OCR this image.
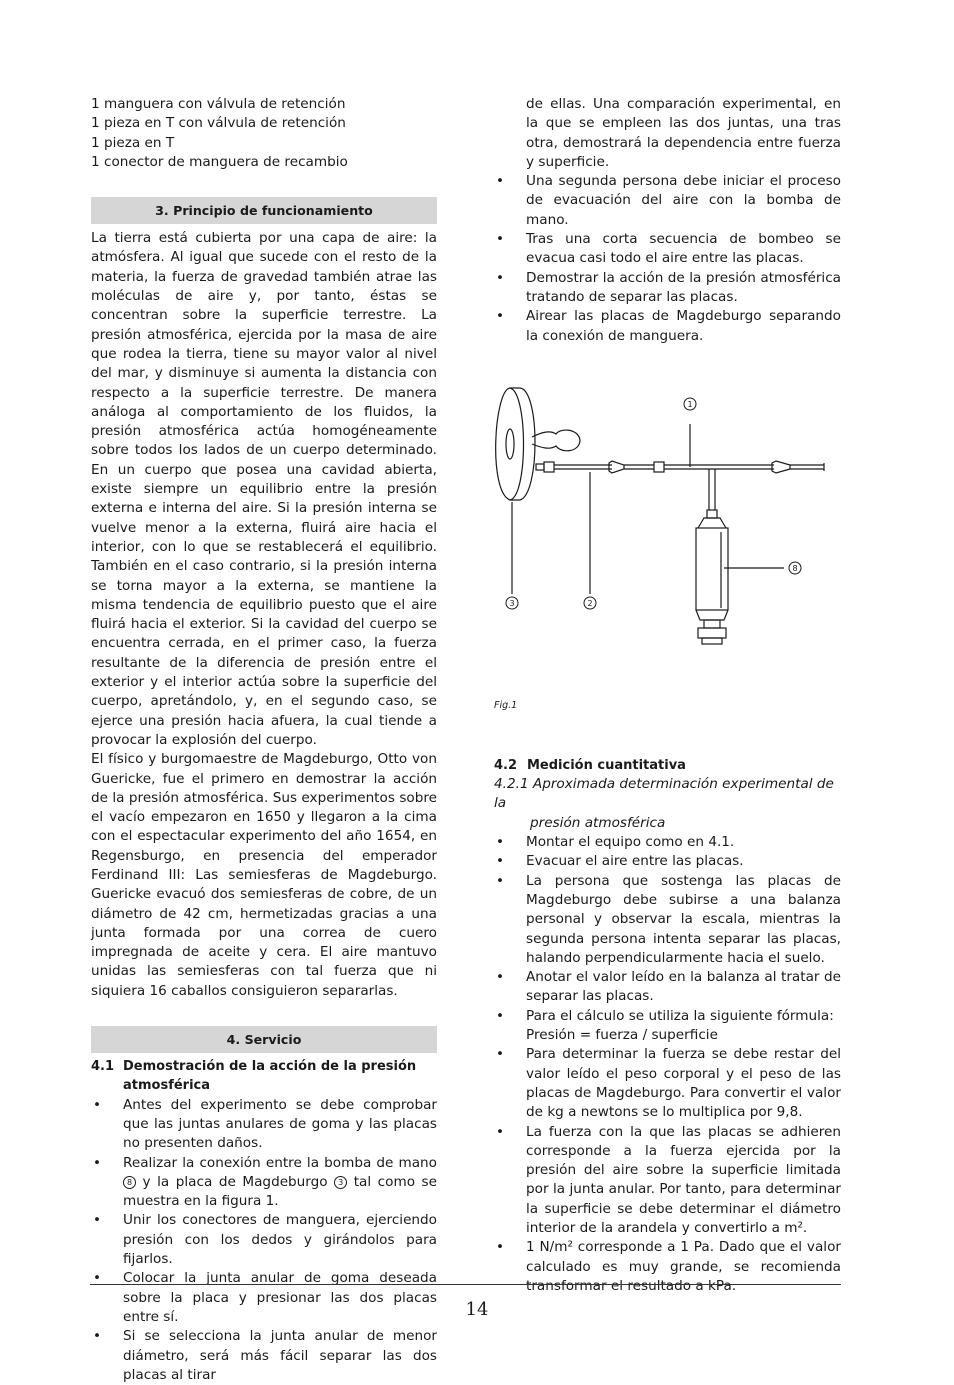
1 manguera con válvula de retención
1 pieza en T con válvula de retención
1 pieza en T
1 conector de manguera de recambio
3. Principio de funcionamiento

La tierra está cubierta por una capa de aire: la atmósfera. Al igual que sucede con el resto de la materia, la fuerza de gravedad también atrae las moléculas de aire y, por tanto, éstas se concentran sobre la superficie terrestre. La presión atmosférica, ejercida por la masa de aire que rodea la tierra, tiene su mayor valor al nivel del mar, y disminuye si aumenta la distancia con respecto a la superficie terrestre. De manera análoga al comportamiento de los fluidos, la presión atmosférica actúa homogéneamente sobre todos los lados de un cuerpo determinado. En un cuerpo que posea una cavidad abierta, existe siempre un equilibrio entre la presión externa e interna del aire. Si la presión interna se vuelve menor a la externa, fluirá aire hacia el interior, con lo que se restablecerá el equilibrio. También en el caso contrario, si la presión interna se torna mayor a la externa, se mantiene la misma tendencia de equilibrio puesto que el aire fluirá hacia el exterior. Si la cavidad del cuerpo se encuentra cerrada, en el primer caso, la fuerza resultante de la diferencia de presión entre el exterior y el interior actúa sobre la superficie del cuerpo, apretándolo, y, en el segundo caso, se ejerce una presión hacia afuera, la cual tiende a provocar la explosión del cuerpo.

El físico y burgomaestre de Magdeburgo, Otto von Guericke, fue el primero en demostrar la acción de la presión atmosférica. Sus experimentos sobre el vacío empezaron en 1650 y llegaron a la cima con el espectacular experimento del año 1654, en Regensburgo, en presencia del emperador Ferdinand III: Las semiesferas de Magdeburgo. Guericke evacuó dos semiesferas de cobre, de un diámetro de 42 cm, hermetizadas gracias a una junta formada por una correa de cuero impregnada de aceite y cera. El aire mantuvo unidas las semiesferas con tal fuerza que ni siquiera 16 caballos consiguieron separarlas.

4. Servicio
4.1 Demostración de la acción de la presión atmosférica
• Antes del experimento se debe comprobar que las juntas anulares de goma y las placas no presenten daños.
• Realizar la conexión entre la bomba de mano 8 y la placa de Magdeburgo 3 tal como se muestra en la figura 1.
• Unir los conectores de manguera, ejerciendo presión con los dedos y girándolos para fijarlos.
• Colocar la junta anular de goma deseada sobre la placa y presionar las dos placas entre sí.
• Si se selecciona la junta anular de menor diámetro, será más fácil separar las dos placas al tirar

de ellas. Una comparación experimental, en la que se empleen las dos juntas, una tras otra, demostrará la dependencia entre fuerza y superficie.

• Una segunda persona debe iniciar el proceso de evacuación del aire con la bomba de mano.
• Tras una corta secuencia de bombeo se evacua casi todo el aire entre las placas.
• Demostrar la acción de la presión atmosférica tratando de separar las placas.
• Airear las placas de Magdeburgo separando la conexión de manguera.
1
3	2
8
Fig.1
4.2 Medición cuantitativa
4.2.1 Aproximada determinación experimental de la
presión atmosférica
• Montar el equipo como en 4.1.
• Evacuar el aire entre las placas.
• La persona que sostenga las placas de Magdeburgo debe subirse a una balanza personal y observar la escala, mientras la segunda persona intenta separar las placas, halando perpendicularmente hacia el suelo.
• Anotar el valor leído en la balanza al tratar de separar las placas.
• Para el cálculo se utiliza la siguiente fórmula:
Presión = fuerza / superficie
• Para determinar la fuerza se debe restar del valor leído el peso corporal y el peso de las placas de Magdeburgo. Para convertir el valor de kg a newtons se lo multiplica por 9,8.
• La fuerza con la que las placas se adhieren corresponde a la fuerza ejercida por la presión del aire sobre la superficie limitada por la junta anular. Por tanto, para determinar la superficie se debe determinar el diámetro interior de la arandela y convertirlo a m².
• 1 N/m² corresponde a 1 Pa. Dado que el valor calculado es muy grande, se recomienda transformar el resultado a kPa.
14
